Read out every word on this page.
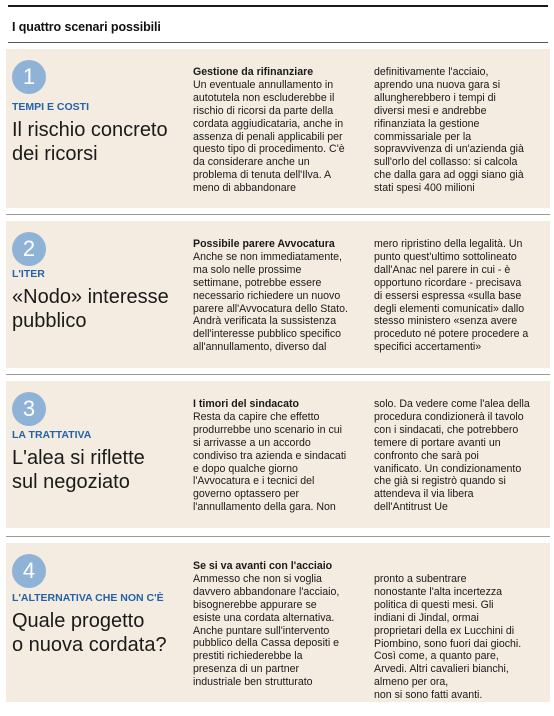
I quattro scenari possibili
1
TEMPI E COSTI
Il rischio concreto
dei ricorsi
Gestione da rifinanziare
Un eventuale annullamento in
autotutela non escluderebbe il
rischio di ricorsi da parte della
cordata aggiudicataria, anche in
assenza di penali applicabili per
questo tipo di procedimento. C'è
da considerare anche un
problema di tenuta dell'Ilva. A
meno di abbandonare
definitivamente l'acciaio,
aprendo una nuova gara si
allungherebbero i tempi di
diversi mesi e andrebbe
rifinanziata la gestione
commissariale per la
sopravvivenza di un'azienda già
sull'orlo del collasso: si calcola
che dalla gara ad oggi siano già
stati spesi 400 milioni
2
L'ITER
«Nodo» interesse
pubblico
Possibile parere Avvocatura
Anche se non immediatamente,
ma solo nelle prossime
settimane, potrebbe essere
necessario richiedere un nuovo
parere all'Avvocatura dello Stato.
Andrà verificata la sussistenza
dell'interesse pubblico specifico
all'annullamento, diverso dal
mero ripristino della legalità. Un
punto quest'ultimo sottolineato
dall'Anac nel parere in cui - è
opportuno ricordare - precisava
di essersi espressa «sulla base
degli elementi comunicati» dallo
stesso ministero «senza avere
proceduto né potere procedere a
specifici accertamenti»
3
LA TRATTATIVA
L'alea si riflette
sul negoziato
I timori del sindacato
Resta da capire che effetto
produrrebbe uno scenario in cui
si arrivasse a un accordo
condiviso tra azienda e sindacati
e dopo qualche giorno
l'Avvocatura e i tecnici del
governo optassero per
l'annullamento della gara. Non
solo. Da vedere come l'alea della
procedura condizionerà il tavolo
con i sindacati, che potrebbero
temere di portare avanti un
confronto che sarà poi
vanificato. Un condizionamento
che già si registrò quando si
attendeva il via libera
dell'Antitrust Ue
4
L'ALTERNATIVA CHE NON C'È
Quale progetto
o nuova cordata?
Se si va avanti con l'acciaio
Ammesso che non si voglia
davvero abbandonare l'acciaio,
bisognerebbe appurare se
esiste una cordata alternativa.
Anche puntare sull'intervento
pubblico della Cassa depositi e
prestiti richiederebbe la
presenza di un partner
industriale ben strutturato
pronto a subentrare
nonostante l'alta incertezza
politica di questi mesi. Gli
indiani di Jindal, ormai
proprietari della ex Lucchini di
Piombino, sono fuori dai giochi.
Così come, a quanto pare,
Arvedi. Altri cavalieri bianchi,
almeno per ora,
non si sono fatti avanti.
